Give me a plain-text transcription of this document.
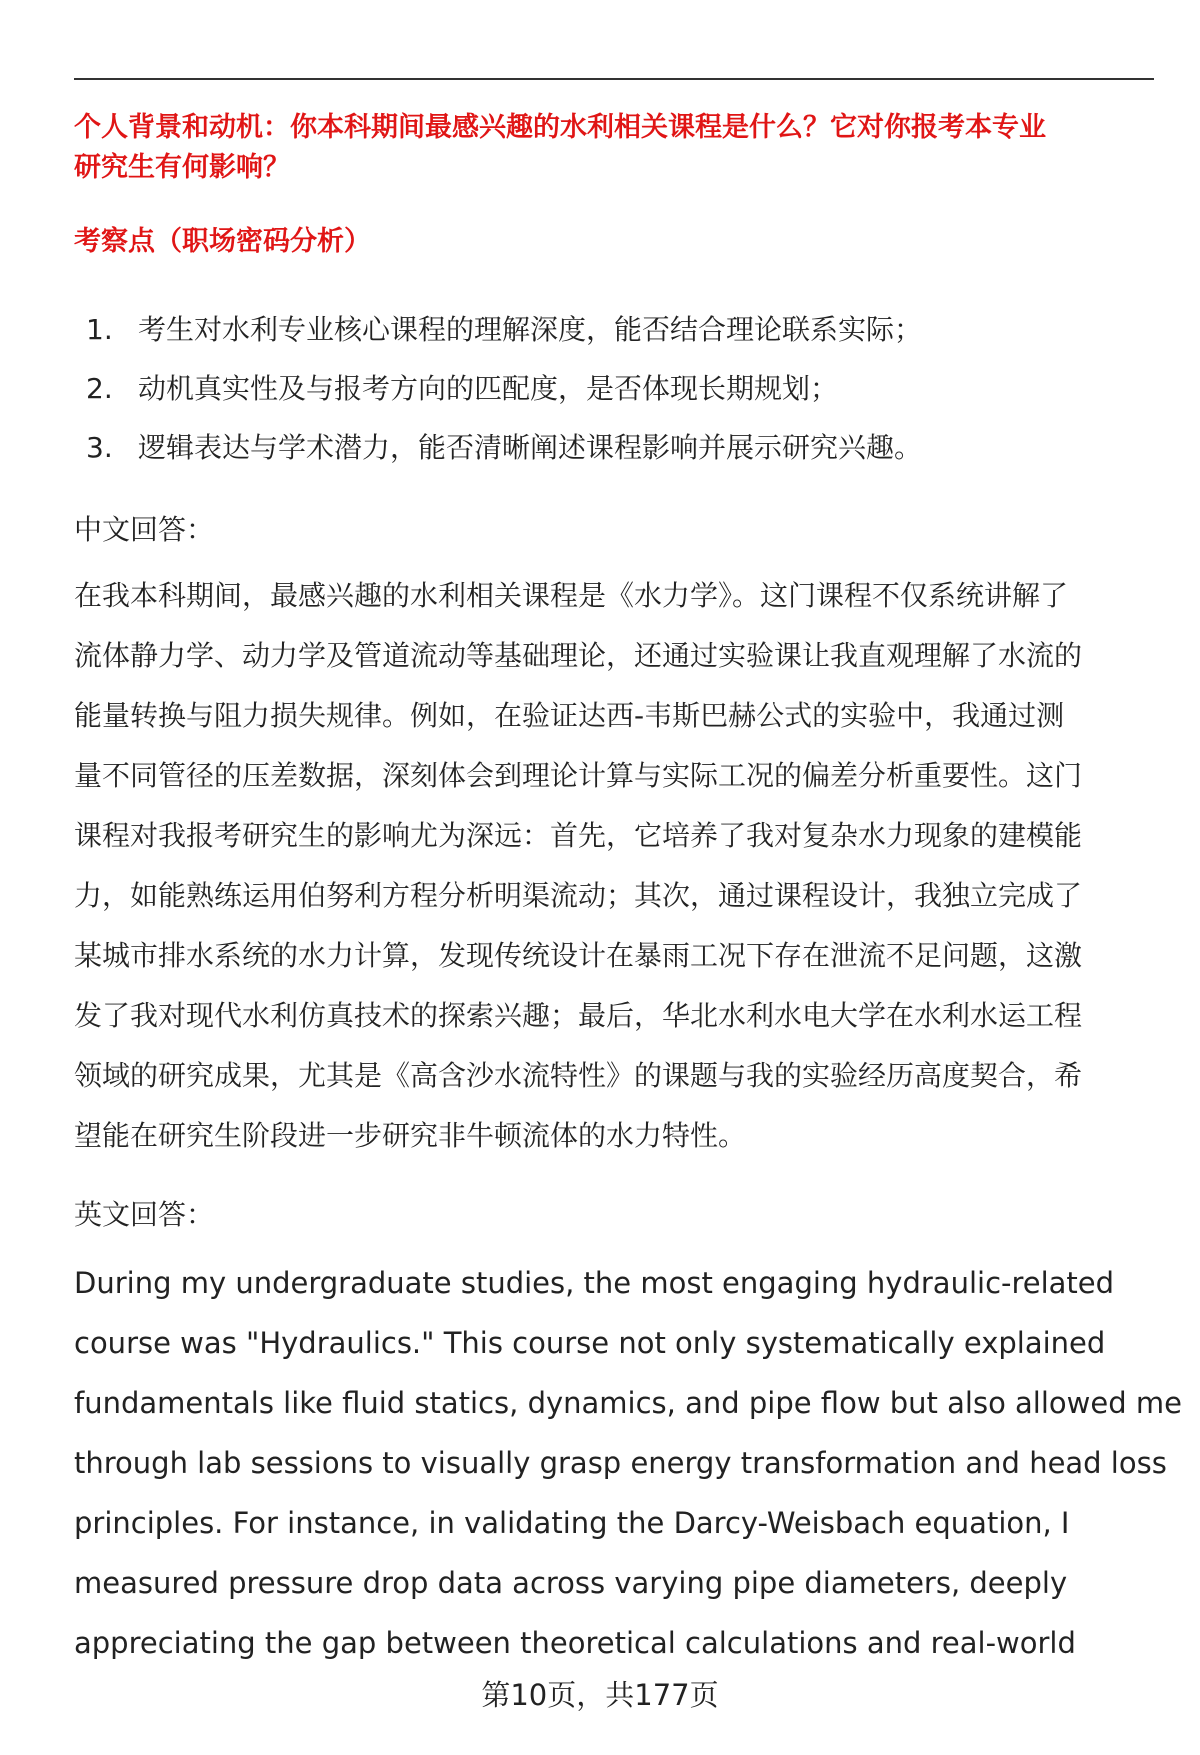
个人背景和动机：你本科期间最感兴趣的水利相关课程是什么？它对你报考本专业
研究生有何影响？
考察点（职场密码分析）
1. 考生对水利专业核心课程的理解深度，能否结合理论联系实际；
2. 动机真实性及与报考方向的匹配度，是否体现长期规划；
3. 逻辑表达与学术潜力，能否清晰阐述课程影响并展示研究兴趣。
中文回答：
在我本科期间，最感兴趣的水利相关课程是《水力学》。这门课程不仅系统讲解了
流体静力学、动力学及管道流动等基础理论，还通过实验课让我直观理解了水流的
能量转换与阻力损失规律。例如，在验证达西-韦斯巴赫公式的实验中，我通过测
量不同管径的压差数据，深刻体会到理论计算与实际工况的偏差分析重要性。这门
课程对我报考研究生的影响尤为深远：首先，它培养了我对复杂水力现象的建模能
力，如能熟练运用伯努利方程分析明渠流动；其次，通过课程设计，我独立完成了
某城市排水系统的水力计算，发现传统设计在暴雨工况下存在泄流不足问题，这激
发了我对现代水利仿真技术的探索兴趣；最后，华北水利水电大学在水利水运工程
领域的研究成果，尤其是《高含沙水流特性》的课题与我的实验经历高度契合，希
望能在研究生阶段进一步研究非牛顿流体的水力特性。
英文回答：
During my undergraduate studies, the most engaging hydraulic-related
course was "Hydraulics." This course not only systematically explained
fundamentals like fluid statics, dynamics, and pipe flow but also allowed me
through lab sessions to visually grasp energy transformation and head loss
principles. For instance, in validating the Darcy-Weisbach equation, I
measured pressure drop data across varying pipe diameters, deeply
appreciating the gap between theoretical calculations and real-world
第10页，共177页
